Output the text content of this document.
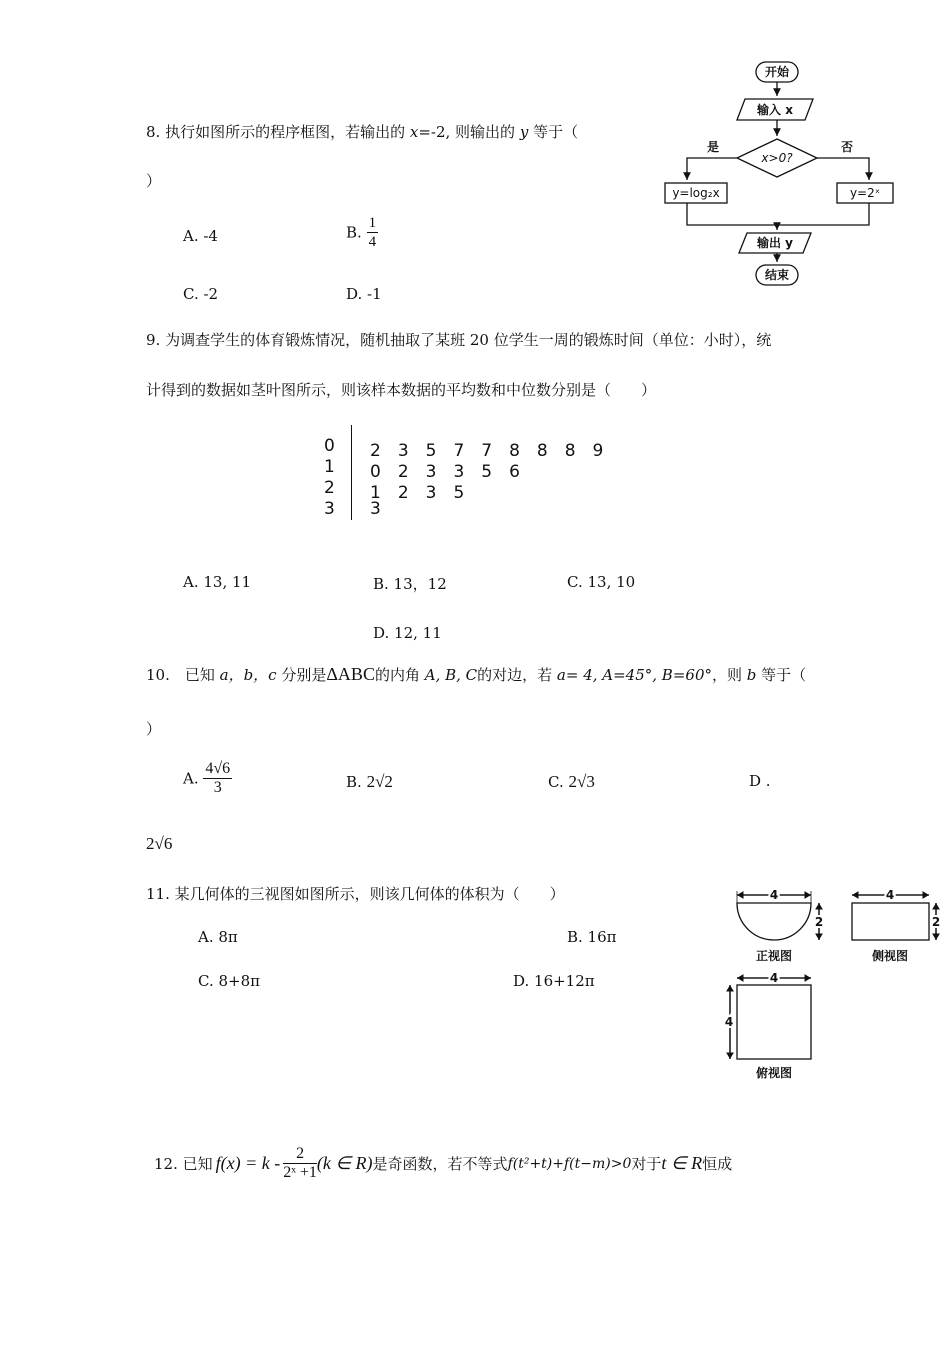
8. 执行如图所示的程序框图，若输出的 x=-2, 则输出的 y 等于（
）
A. -4	B. $\frac{1}{4}$
C. -2	D. -1
开始
输入 x
x>0?
是	否
y=log₂x	y=2ˣ
输出 y
结束
9. 为调查学生的体育锻炼情况，随机抽取了某班 20 位学生一周的锻炼时间（单位：小时），统
计得到的数据如茎叶图所示，则该样本数据的平均数和中位数分别是（　　）
0 2　3　5　7　7　8　8　8　9
1 0　2　3　3　5　6
2 1　2　3　5
3 3
A. 13, 11	B. 13，12	C. 13, 10
D. 12, 11
10.　已知 a，b，c 分别是ΔABC的内角 A, B, C的对边，若 a= 4, A=45°, B=60°，则 b 等于（
）
A. $\frac{4√6}{3}$	B. 2√2	C. 2√3	D .
2√6
11. 某几何体的三视图如图所示，则该几何体的体积为（　　）
A. 8π	B. 16π
C. 8+8π	D. 16+12π
4
2
正视图
4
2
侧视图
4
4
俯视图
12. 已知 $f(x) = k - \frac{2}{\text{2ˣ +1}} (k$ ∈ R) 是奇函数，若不等式 f(t²+t)+f(t−m)>0 对于 t ∈ R 恒成
